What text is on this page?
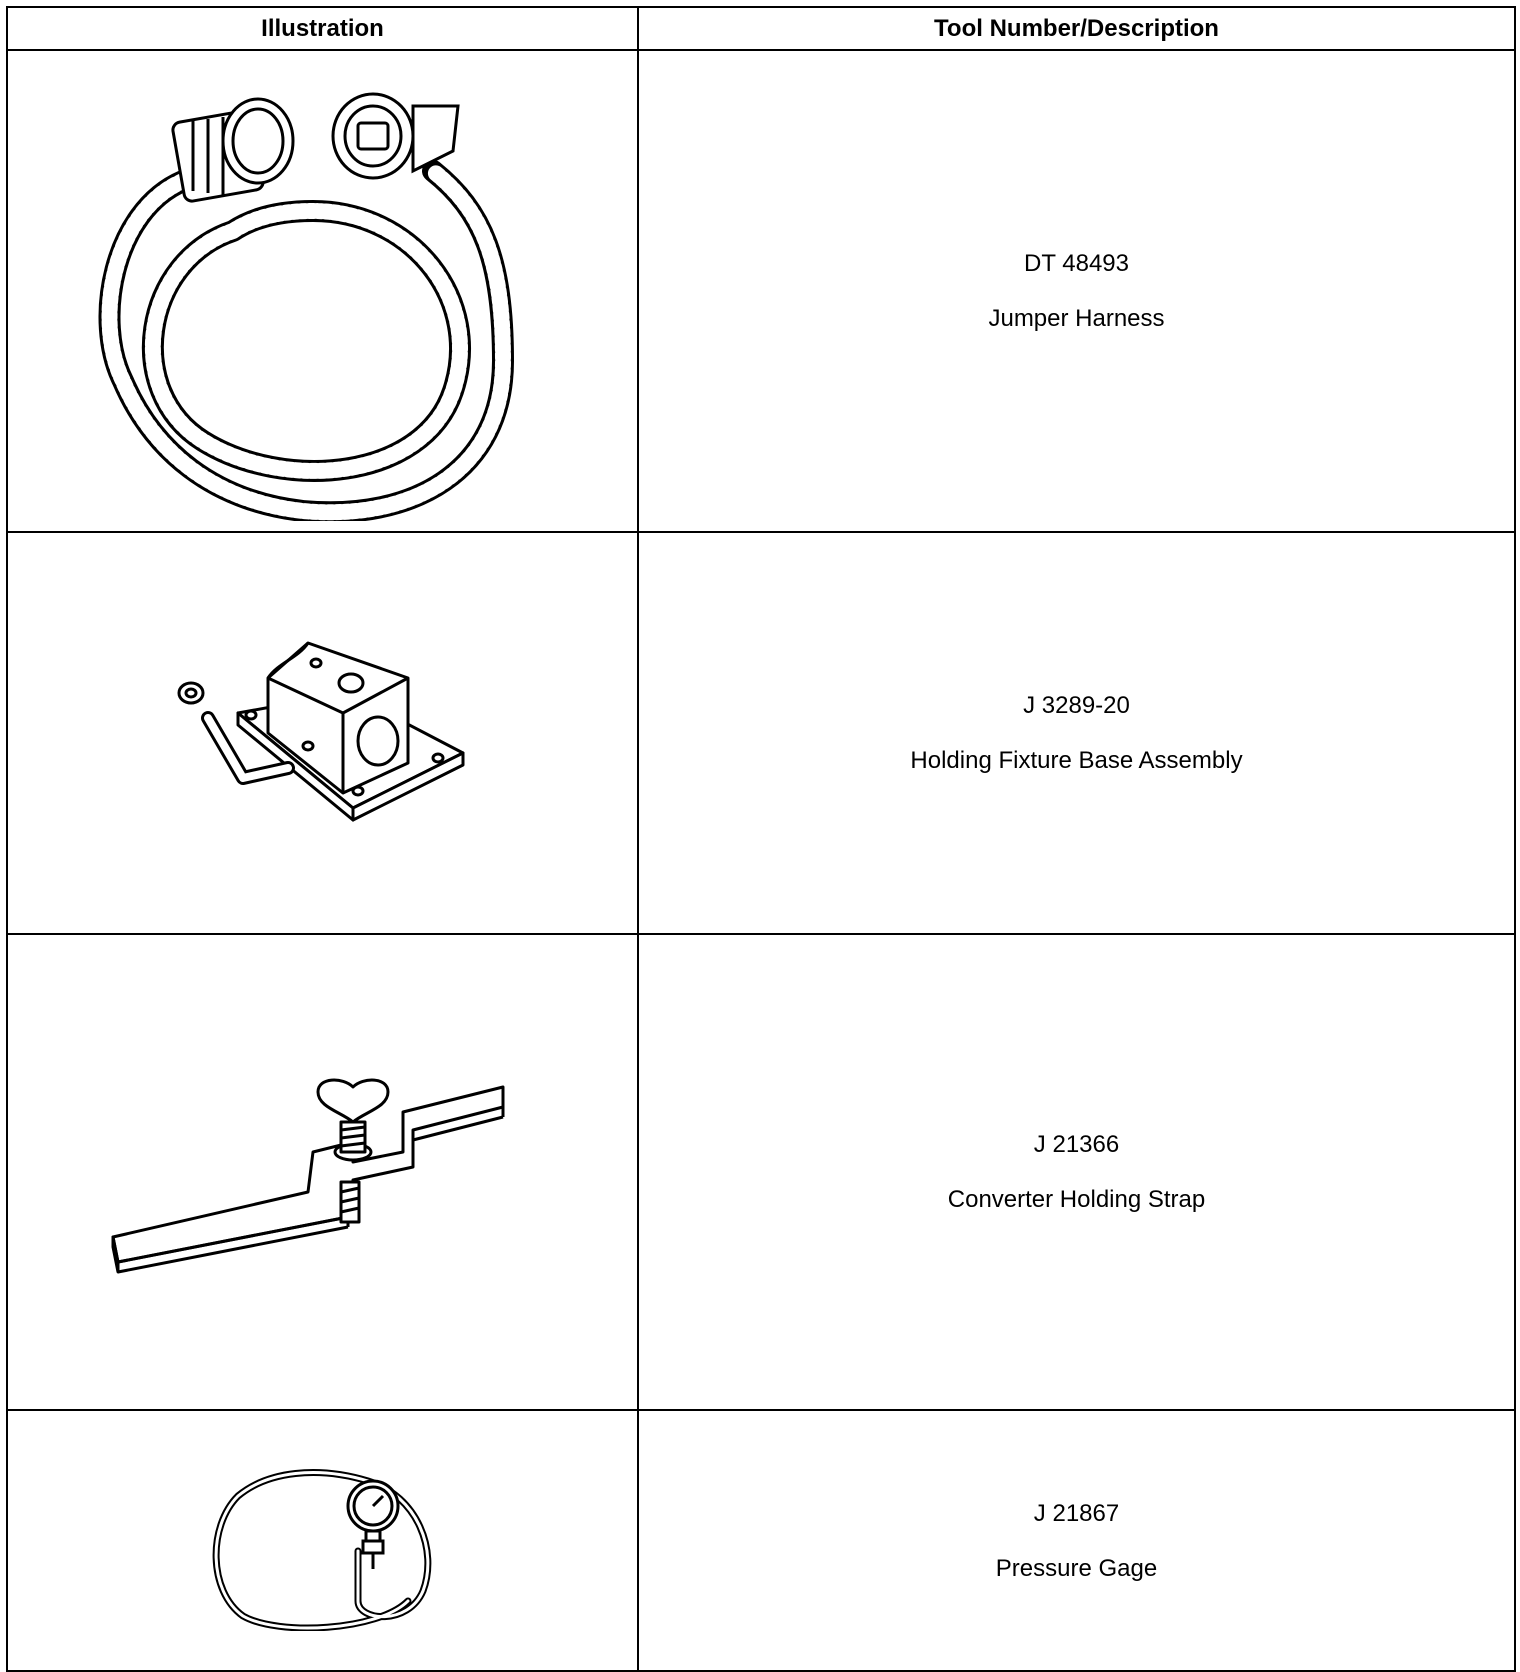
Illustration	Tool Number/Description

DT 48493
Jumper Harness

J 3289-20
Holding Fixture Base Assembly

J 21366
Converter Holding Strap

J 21867
Pressure Gage
